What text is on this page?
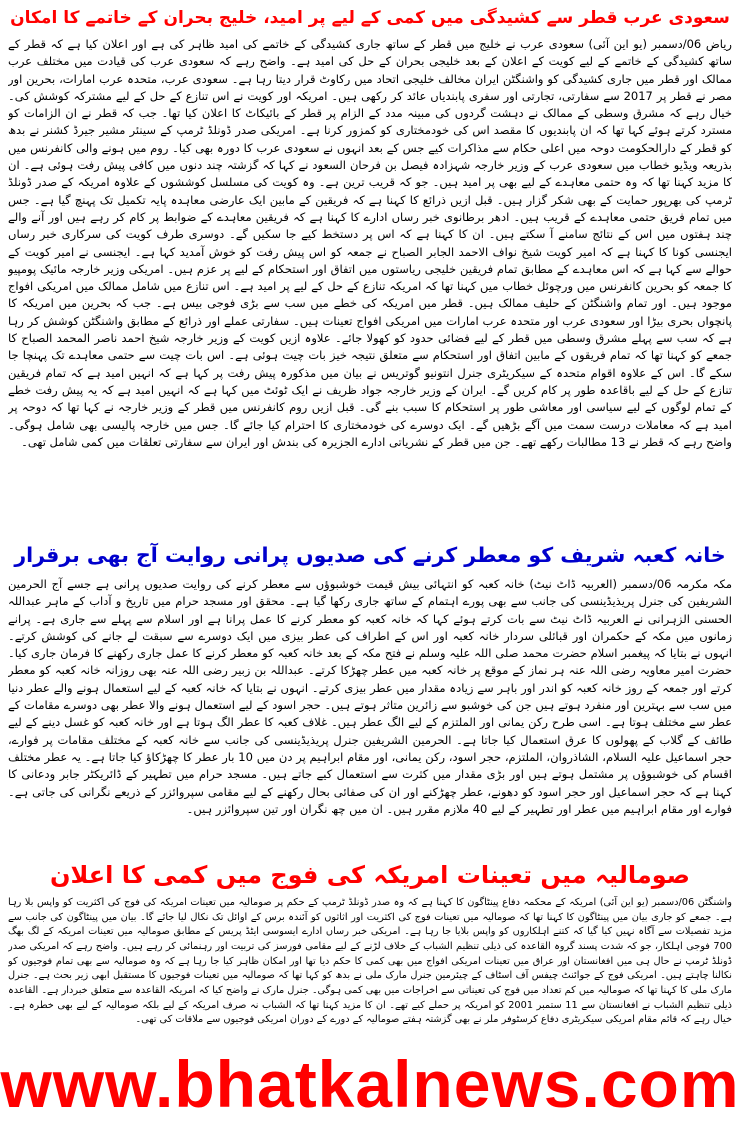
سعودی عرب قطر سے کشیدگی میں کمی کے لیے پر امید، خلیج بحران کے خاتمے کا امکان
ریاض 06/دسمبر (یو این آئی) سعودی عرب نے خلیج میں قطر کے ساتھ جاری کشیدگی کے خاتمے کی امید ظاہر کی ہے اور اعلان کیا ہے کہ قطر کے ساتھ کشیدگی کے خاتمے کے لیے کویت کے اعلان کے بعد خلیجی بحران کے حل کی امید ہے۔ واضح رہے کہ سعودی عرب کی قیادت میں مختلف عرب ممالک اور قطر میں جاری کشیدگی کو واشنگٹن ایران مخالف خلیجی اتحاد میں رکاوٹ قرار دیتا رہا ہے۔ سعودی عرب، متحدہ عرب امارات، بحرین اور مصر نے قطر پر 2017 سے سفارتی، تجارتی اور سفری پابندیاں عائد کر رکھی ہیں۔ امریکہ اور کویت نے اس تنازع کے حل کے لیے مشترکہ کوشش کی۔ خیال رہے کہ مشرق وسطی کے ممالک نے دہشت گردوں کی مبینہ مدد کے الزام پر قطر کے بائیکاٹ کا اعلان کیا تھا۔ جب کہ قطر نے ان الزامات کو مسترد کرتے ہوئے کہا تھا کہ ان پابندیوں کا مقصد اس کی خودمختاری کو کمزور کرنا ہے۔ امریکی صدر ڈونلڈ ٹرمپ کے سینئر مشیر جیرڈ کشنر نے بدھ کو قطر کے دارالحکومت دوحہ میں اعلی حکام سے مذاکرات کیے جس کے بعد انہوں نے سعودی عرب کا دورہ بھی کیا۔ روم میں ہونے والی کانفرنس میں بذریعہ ویڈیو خطاب میں سعودی عرب کے وزیر خارجہ شہزادہ فیصل بن فرحان السعود نے کہا کہ گزشتہ چند دنوں میں کافی پیش رفت ہوئی ہے۔ ان کا مزید کہنا تھا کہ وہ حتمی معاہدے کے لیے بھی پر امید ہیں۔ جو کہ قریب ترین ہے۔ وہ کویت کی مسلسل کوششوں کے علاوہ امریکہ کے صدر ڈونلڈ ٹرمپ کی بھرپور حمایت کے بھی شکر گزار ہیں۔ قبل ازیں ذرائع کا کہنا ہے کہ فریقین کے مابین ایک عارضی معاہدہ پایہ تکمیل تک پہنچ گیا ہے۔ جس میں تمام فریق حتمی معاہدے کے قریب ہیں۔ ادھر برطانوی خبر رساں ادارے کا کہنا ہے کہ فریقین معاہدے کے ضوابط پر کام کر رہے ہیں اور آنے والے چند ہفتوں میں اس کے نتائج سامنے آ سکتے ہیں۔ ان کا کہنا ہے کہ اس پر دستخط کیے جا سکیں گے۔ دوسری طرف کویت کی سرکاری خبر رساں ایجنسی کونا کا کہنا ہے کہ امیر کویت شیخ نواف الاحمد الجابر الصباح نے جمعہ کو اس پیش رفت کو خوش آمدید کہا ہے۔ ایجنسی نے امیر کویت کے حوالے سے کہا ہے کہ اس معاہدے کے مطابق تمام فریقین خلیجی ریاستوں میں اتفاق اور استحکام کے لیے پر عزم ہیں۔ امریکی وزیر خارجہ مائیک پومپیو کا جمعہ کو بحرین کانفرنس میں ورچوئل خطاب میں کہنا تھا کہ امریکہ تنازع کے حل کے لیے پر امید ہے۔ اس تنازع میں شامل ممالک میں امریکی افواج موجود ہیں۔ اور تمام واشنگٹن کے حلیف ممالک ہیں۔ قطر میں امریکہ کی خطے میں سب سے بڑی فوجی بیس ہے۔ جب کہ بحرین میں امریکہ کا پانچواں بحری بیڑا اور سعودی عرب اور متحدہ عرب امارات میں امریکی افواج تعینات ہیں۔ سفارتی عملے اور ذرائع کے مطابق واشنگٹن کوشش کر رہا ہے کہ سب سے پہلے مشرق وسطی میں قطر کے لیے فضائی حدود کو کھولا جائے۔ علاوہ ازیں کویت کے وزیر خارجہ شیخ احمد ناصر المحمد الصباح کا جمعے کو کہنا تھا کہ تمام فریقوں کے مابین اتفاق اور استحکام سے متعلق نتیجہ خیز بات چیت ہوئی ہے۔ اس بات چیت سے حتمی معاہدے تک پہنچا جا سکے گا۔ اس کے علاوہ اقوام متحدہ کے سیکریٹری جنرل انتونیو گوتریس نے بیان میں مذکورہ پیش رفت پر کہا ہے کہ انہیں امید ہے کہ تمام فریقین تنازع کے حل کے لیے باقاعدہ طور پر کام کریں گے۔ ایران کے وزیر خارجہ جواد ظریف نے ایک ٹوئٹ میں کہا ہے کہ انہیں امید ہے کہ یہ پیش رفت خطے کے تمام لوگوں کے لیے سیاسی اور معاشی طور پر استحکام کا سبب بنے گی۔ قبل ازیں روم کانفرنس میں قطر کے وزیر خارجہ نے کہا تھا کہ دوحہ پر امید ہے کہ معاملات درست سمت میں آگے بڑھیں گے۔ ایک دوسرے کی خودمختاری کا احترام کیا جائے گا۔ جس میں خارجہ پالیسی بھی شامل ہوگی۔ واضح رہے کہ قطر نے 13 مطالبات رکھے تھے۔ جن میں قطر کے نشریاتی ادارے الجزیرہ کی بندش اور ایران سے سفارتی تعلقات میں کمی شامل تھی۔
خانہ کعبہ شریف کو معطر کرنے کی صدیوں پرانی روایت آج بھی برقرار
مکہ مکرمہ 06/دسمبر (العربیہ ڈاٹ نیٹ) خانہ کعبہ کو انتہائی بیش قیمت خوشبوؤں سے معطر کرنے کی روایت صدیوں پرانی ہے جسے آج الحرمین الشریفین کی جنرل پریذیڈینسی کی جانب سے بھی پورے اہتمام کے ساتھ جاری رکھا گیا ہے۔ محقق اور مسجد حرام میں تاریخ و آداب کے ماہر عبداللہ الحسنی الزہرانی نے العربیہ ڈاٹ نیٹ سے بات کرتے ہوئے کہا کہ خانہ کعبہ کو معطر کرنے کا عمل پرانا ہے اور اسلام سے پہلے سے جاری ہے۔ پرانے زمانوں میں مکہ کے حکمران اور قبائلی سردار خانہ کعبہ اور اس کے اطراف کی عطر بیزی میں ایک دوسرے سے سبقت لے جانے کی کوشش کرتے۔ انہوں نے بتایا کہ پیغمبر اسلام حضرت محمد صلی اللہ علیہ وسلم نے فتح مکہ کے بعد خانہ کعبہ کو معطر کرنے کا عمل جاری رکھنے کا فرمان جاری کیا۔ حضرت امیر معاویہ رضی اللہ عنہ ہر نماز کے موقع پر خانہ کعبہ میں عطر چھڑکا کرتے۔ عبداللہ بن زبیر رضی اللہ عنہ بھی روزانہ خانہ کعبہ کو معطر کرتے اور جمعہ کے روز خانہ کعبہ کو اندر اور باہر سے زیادہ مقدار میں عطر بیزی کرتے۔ انہوں نے بتایا کہ خانہ کعبہ کے لیے استعمال ہونے والے عطر دنیا میں سب سے بہترین اور منفرد ہوتے ہیں جن کی خوشبو سے زائرین متاثر ہوتے ہیں۔ حجر اسود کے لیے استعمال ہونے والا عطر بھی دوسرے مقامات کے عطر سے مختلف ہوتا ہے۔ اسی طرح رکن یمانی اور الملتزم کے لیے الگ عطر ہیں۔ غلاف کعبہ کا عطر الگ ہوتا ہے اور خانہ کعبہ کو غسل دینے کے لیے طائف کے گلاب کے پھولوں کا عرق استعمال کیا جاتا ہے۔ الحرمین الشریفین جنرل پریذیڈینسی کی جانب سے خانہ کعبہ کے مختلف مقامات پر فوارے، حجر اسماعیل علیہ السلام، الشاذروان، الملتزم، حجر اسود، رکن یمانی، اور مقام ابراہیم پر دن میں 10 بار عطر کا چھڑکاؤ کیا جاتا ہے۔ یہ عطر مختلف اقسام کی خوشبوؤں پر مشتمل ہوتے ہیں اور بڑی مقدار میں کثرت سے استعمال کیے جاتے ہیں۔ مسجد حرام میں تطہیر کے ڈائریکٹر جابر ودعانی کا کہنا ہے کہ حجر اسماعیل اور حجر اسود کو دھونے، عطر چھڑکنے اور ان کی صفائی بحال رکھنے کے لیے مقامی سپروائزر کے ذریعے نگرانی کی جاتی ہے۔ فوارے اور مقام ابراہیم میں عطر اور تطہیر کے لیے 40 ملازم مقرر ہیں۔ ان میں چھ نگران اور تین سپروائزر ہیں۔
صومالیہ میں تعینات امریکہ کی فوج میں کمی کا اعلان
واشنگٹن 06/دسمبر (یو این آئی) امریکہ کے محکمہ دفاع پینٹاگون کا کہنا ہے کہ وہ صدر ڈونلڈ ٹرمپ کے حکم پر صومالیہ میں تعینات امریکہ کی فوج کی اکثریت کو واپس بلا رہا ہے۔ جمعے کو جاری بیان میں پینٹاگون کا کہنا تھا کہ صومالیہ میں تعینات فوج کی اکثریت اور اثاثوں کو آئندہ برس کے اوائل تک نکال لیا جائے گا۔ بیان میں پینٹاگون کی جانب سے مزید تفصیلات سے آگاہ نہیں کیا گیا کہ کتنے اہلکاروں کو واپس بلایا جا رہا ہے۔ امریکی خبر رساں ادارے ایسوسی ایٹڈ پریس کے مطابق صومالیہ میں تعینات امریکہ کے لگ بھگ 700 فوجی اہلکار، جو کہ شدت پسند گروہ القاعدہ کی ذیلی تنظیم الشباب کے خلاف لڑنے کے لیے مقامی فورسز کی تربیت اور رہنمائی کر رہے ہیں۔ واضح رہے کہ امریکی صدر ڈونلڈ ٹرمپ نے حال ہی میں افغانستان اور عراق میں تعینات امریکی افواج میں بھی کمی کا حکم دیا تھا اور امکان ظاہر کیا جا رہا ہے کہ وہ صومالیہ سے بھی تمام فوجیوں کو نکالنا چاہتے ہیں۔ امریکی فوج کے جوائنٹ چیفس آف اسٹاف کے چیئرمین جنرل مارک ملی نے بدھ کو کہا تھا کہ صومالیہ میں تعینات فوجیوں کا مستقبل ابھی زیر بحث ہے۔ جنرل مارک ملی کا کہنا تھا کہ صومالیہ میں کم تعداد میں فوج کی تعیناتی سے اخراجات میں بھی کمی ہوگی۔ جنرل مارک نے واضح کیا کہ امریکہ القاعدہ سے متعلق خبردار ہے۔ القاعدہ ذیلی تنظیم الشباب نے افغانستان سے 11 ستمبر 2001 کو امریکہ پر حملے کیے تھے۔ ان کا مزید کہنا تھا کہ الشباب نہ صرف امریکہ کے لیے بلکہ صومالیہ کے لیے بھی خطرہ ہے۔ خیال رہے کہ قائم مقام امریکی سیکریٹری دفاع کرسٹوفر ملر نے بھی گزشتہ ہفتے صومالیہ کے دورے کے دوران امریکی فوجیوں سے ملاقات کی تھی۔
www.bhatkalnews.com
